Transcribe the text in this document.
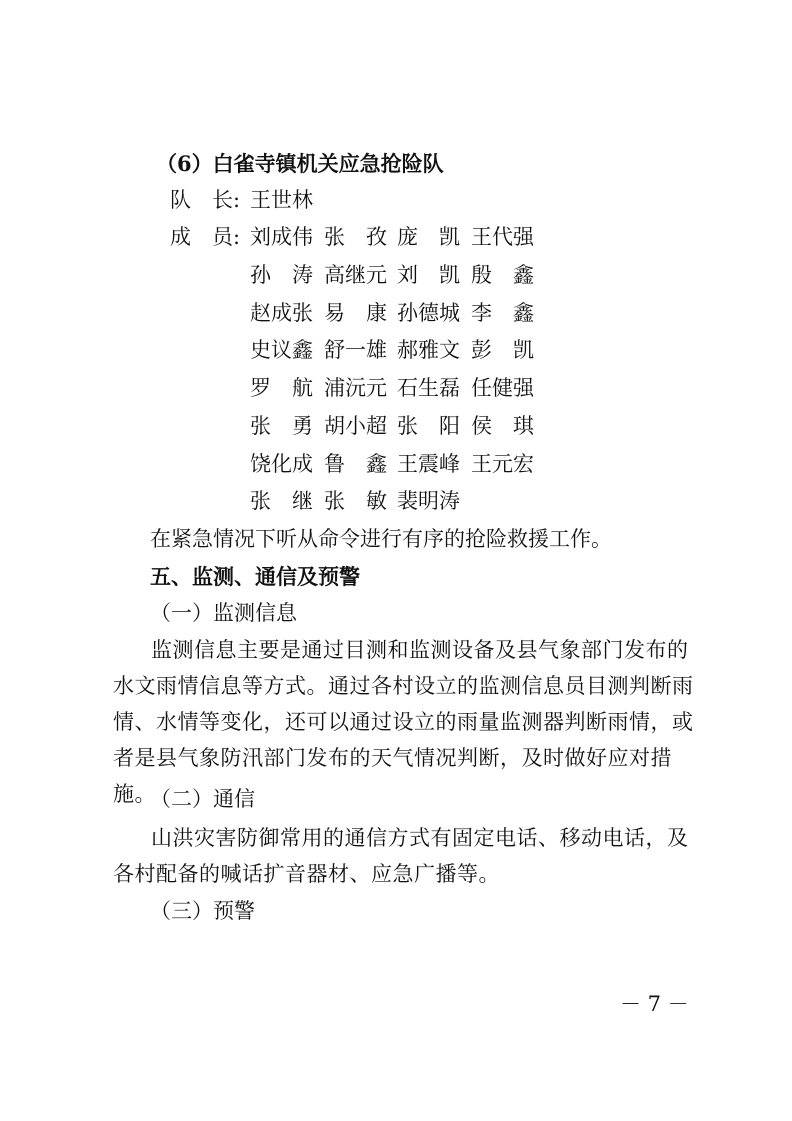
（6）白雀寺镇机关应急抢险队
队　长: 王世林
成　员: 刘成伟 张　孜 庞　凯 王代强
孙　涛 高继元 刘　凯 殷　鑫
赵成张 易　康 孙德城 李　鑫
史议鑫 舒一雄 郝雅文 彭　凯
罗　航 浦沅元 石生磊 任健强
张　勇 胡小超 张　阳 侯　琪
饶化成 鲁　鑫 王震峰 王元宏
张　继 张　敏 裴明涛
在紧急情况下听从命令进行有序的抢险救援工作。
五、监测、通信及预警
（一）监测信息
监测信息主要是通过目测和监测设备及县气象部门发布的水文雨情信息等方式。通过各村设立的监测信息员目测判断雨情、水情等变化，还可以通过设立的雨量监测器判断雨情，或者是县气象防汛部门发布的天气情况判断，及时做好应对措施。
（二）通信
山洪灾害防御常用的通信方式有固定电话、移动电话，及各村配备的喊话扩音器材、应急广播等。
（三）预警
－ 7 －
